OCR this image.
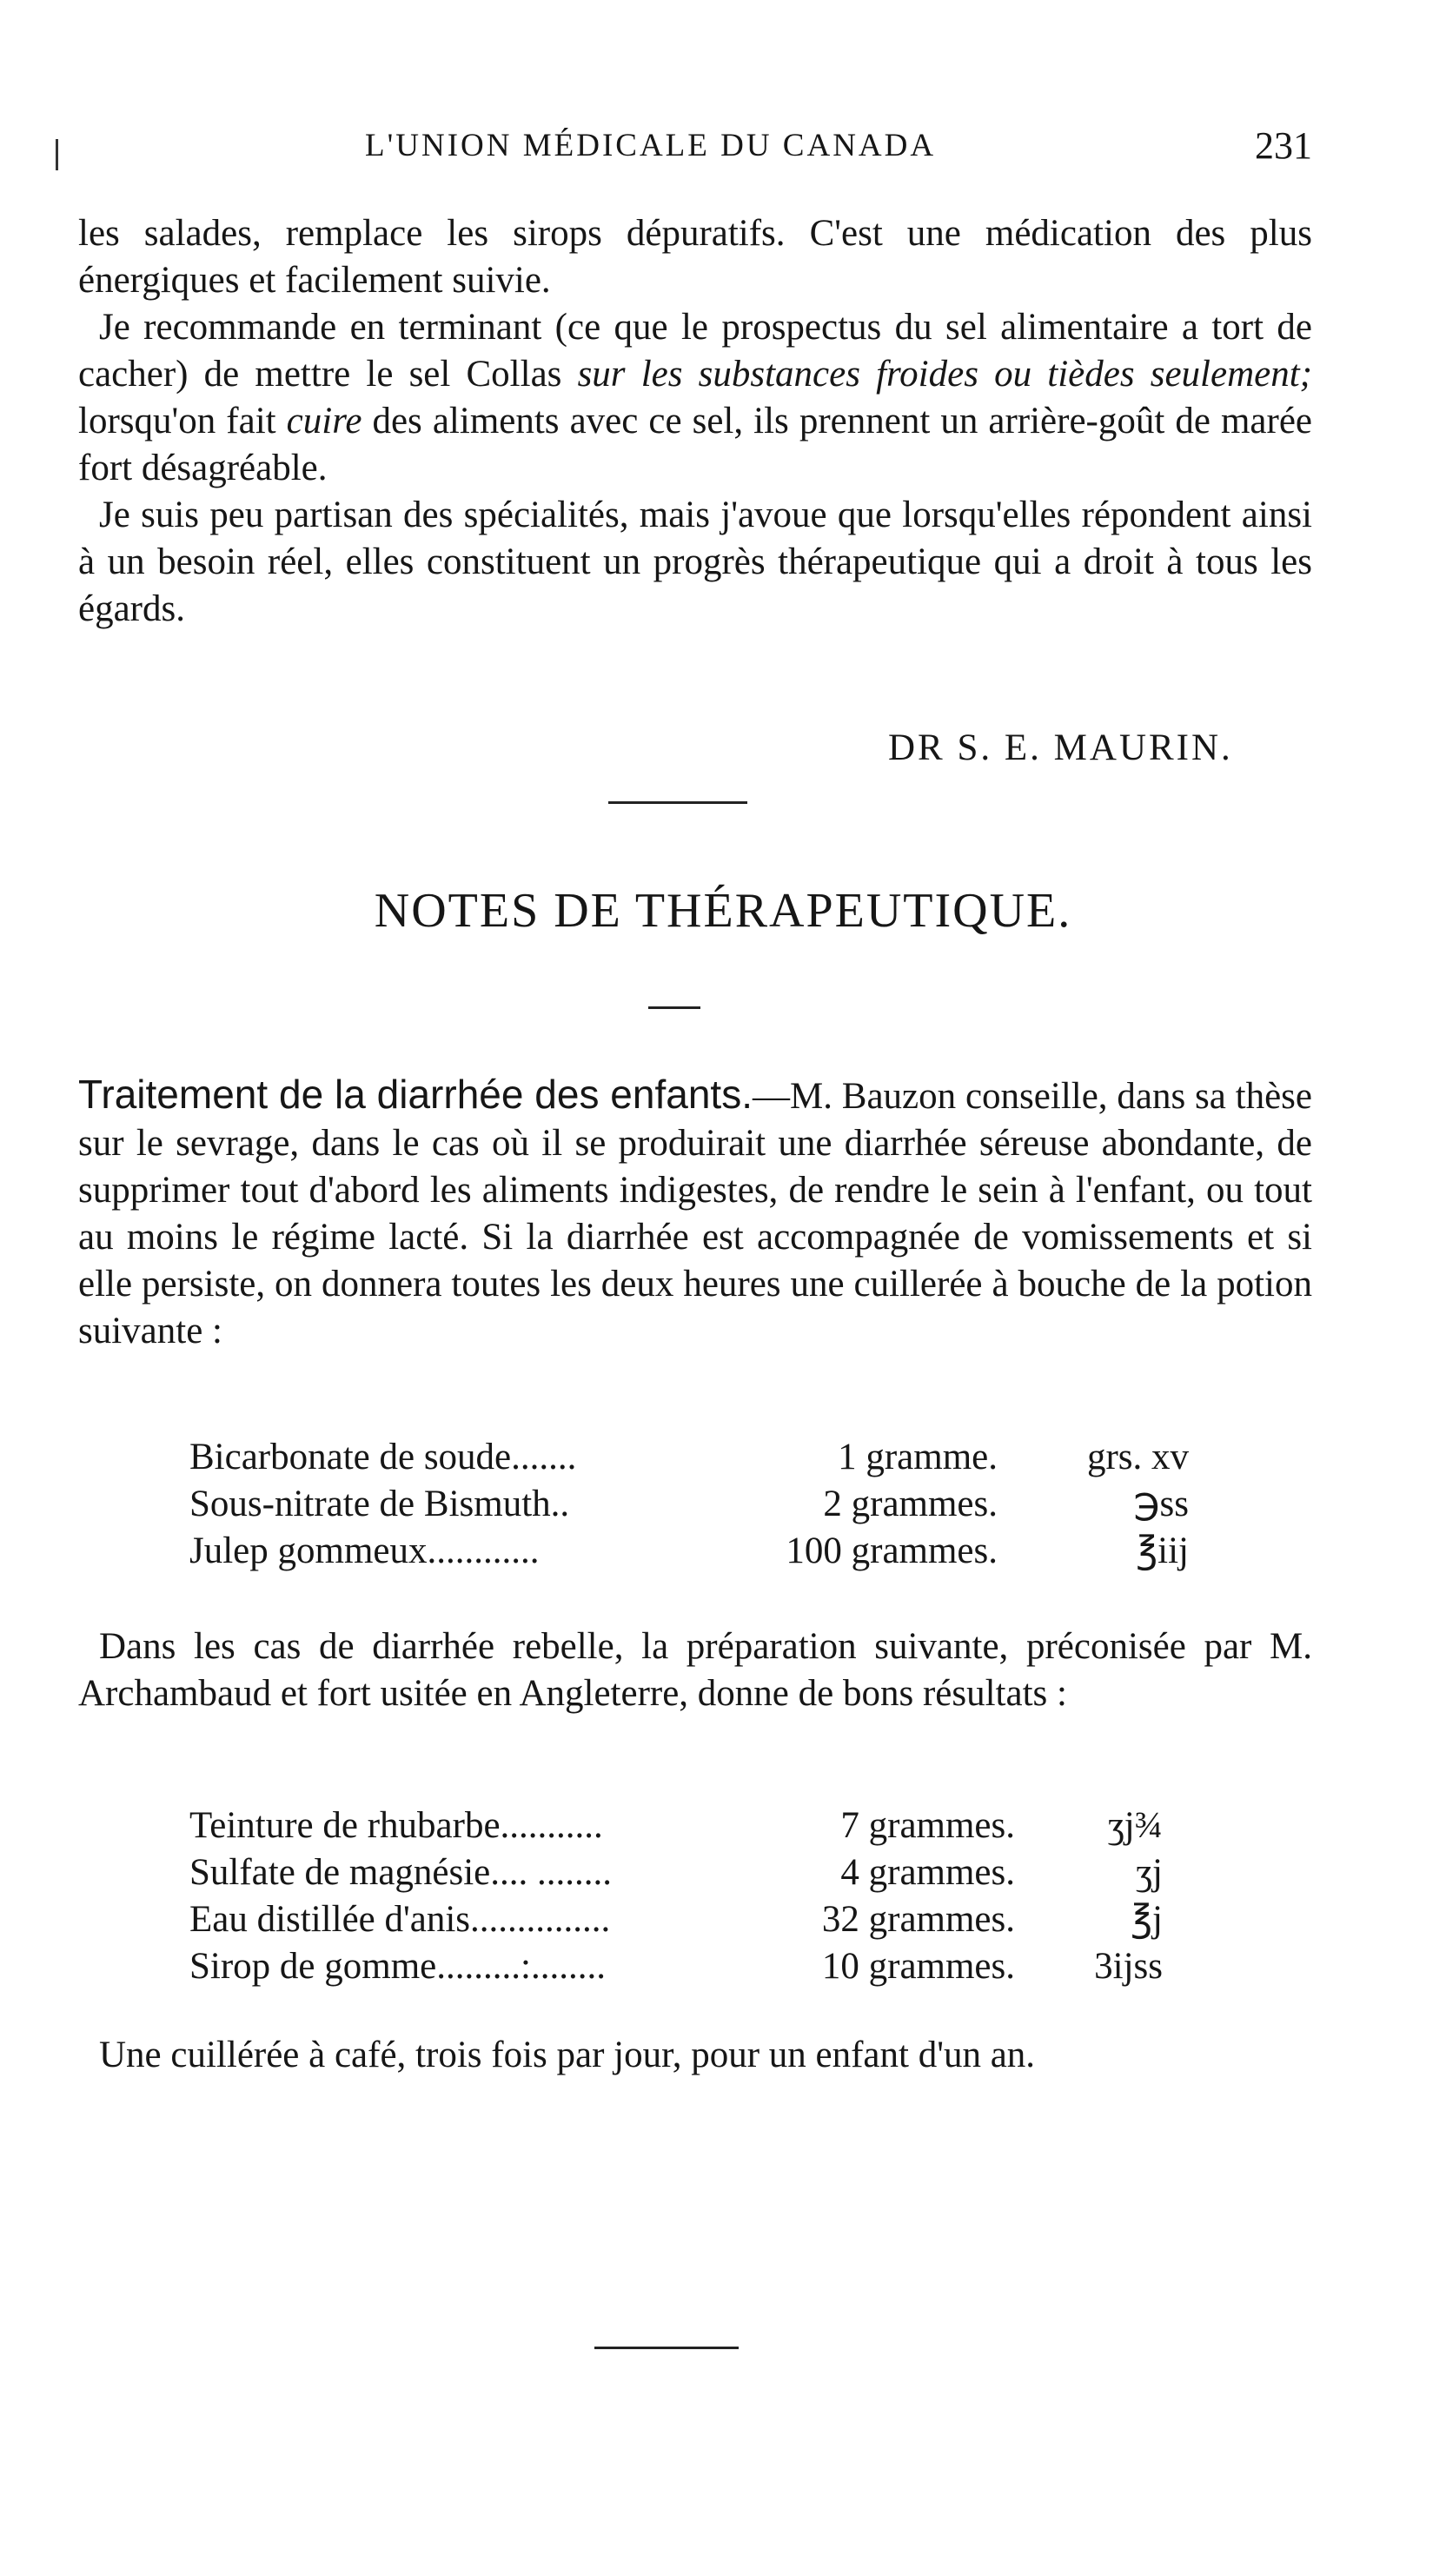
L'UNION MÉDICALE DU CANADA	231

les salades, remplace les sirops dépuratifs. C'est une médication des plus énergiques et facilement suivie.

Je recommande en terminant (ce que le prospectus du sel alimentaire a tort de cacher) de mettre le sel Collas sur les substances froides ou tièdes seulement; lorsqu'on fait cuire des aliments avec ce sel, ils prennent un arrière-goût de marée fort désagréable.

Je suis peu partisan des spécialités, mais j'avoue que lorsqu'elles répondent ainsi à un besoin réel, elles constituent un progrès thérapeutique qui a droit à tous les égards.

DR S. E. MAURIN.
NOTES DE THÉRAPEUTIQUE.

Traitement de la diarrhée des enfants.—M. Bauzon conseille, dans sa thèse sur le sevrage, dans le cas où il se produirait une diarrhée séreuse abondante, de supprimer tout d'abord les aliments indigestes, de rendre le sein à l'enfant, ou tout au moins le régime lacté. Si la diarrhée est accompagnée de vomissements et si elle persiste, on donnera toutes les deux heures une cuillerée à bouche de la potion suivante :

Bicarbonate de soude.......	1 gramme.	grs. xv
Sous-nitrate de Bismuth..	2 grammes.	℈ss
Julep gommeux............	100 grammes.	℥iij

Dans les cas de diarrhée rebelle, la préparation suivante, préconisée par M. Archambaud et fort usitée en Angleterre, donne de bons résultats :

Teinture de rhubarbe...........	7 grammes.	ʒj¾
Sulfate de magnésie.... ........	4 grammes.	ʒj
Eau distillée d'anis...............	32 grammes.	℥j
Sirop de gomme.........:........	10 grammes.	3ijss

Une cuillérée à café, trois fois par jour, pour un enfant d'un an.
